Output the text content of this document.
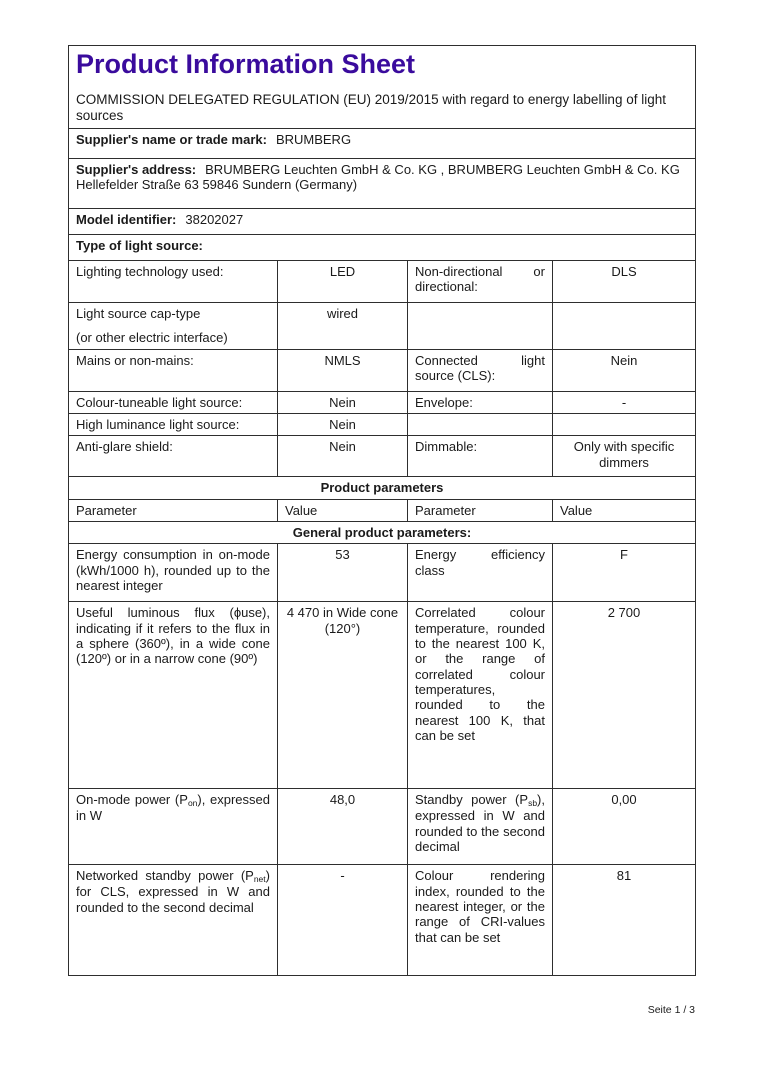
Product Information Sheet

COMMISSION DELEGATED REGULATION (EU) 2019/2015 with regard to energy labelling of light sources

Supplier's name or trade mark: BRUMBERG			
Supplier's address: BRUMBERG Leuchten GmbH & Co. KG , BRUMBERG Leuchten GmbH & Co. KG Hellefelder Straße 63 59846 Sundern (Germany)			
Model identifier: 38202027			
Type of light source:			
Lighting technology used:	LED	Non-directional or directional:	DLS
Light source cap-type
(or other electric interface)	wired		
Mains or non-mains:	NMLS	Connected light source (CLS):	Nein
Colour-tuneable light source:	Nein	Envelope:	-
High luminance light source:	Nein		
Anti-glare shield:	Nein	Dimmable:	Only with specific dimmers
Product parameters			
Parameter	Value	Parameter	Value
General product parameters:			
Energy consumption in on-mode (kWh/1000 h), rounded up to the nearest integer	53	Energy efficiency class	F
Useful luminous flux (ϕuse), indicating if it refers to the flux in a sphere (360º), in a wide cone (120º) or in a narrow cone (90º)	4 470 in Wide cone (120°)	Correlated colour temperature, rounded to the nearest 100 K, or the range of correlated colour temperatures, rounded to the nearest 100 K, that can be set	2 700
On-mode power (Pon), expressed in W	48,0	Standby power (Psb), expressed in W and rounded to the second decimal	0,00
Networked standby power (Pnet) for CLS, expressed in W and rounded to the second decimal	-	Colour rendering index, rounded to the nearest integer, or the range of CRI-values that can be set	81
Seite 1 / 3
